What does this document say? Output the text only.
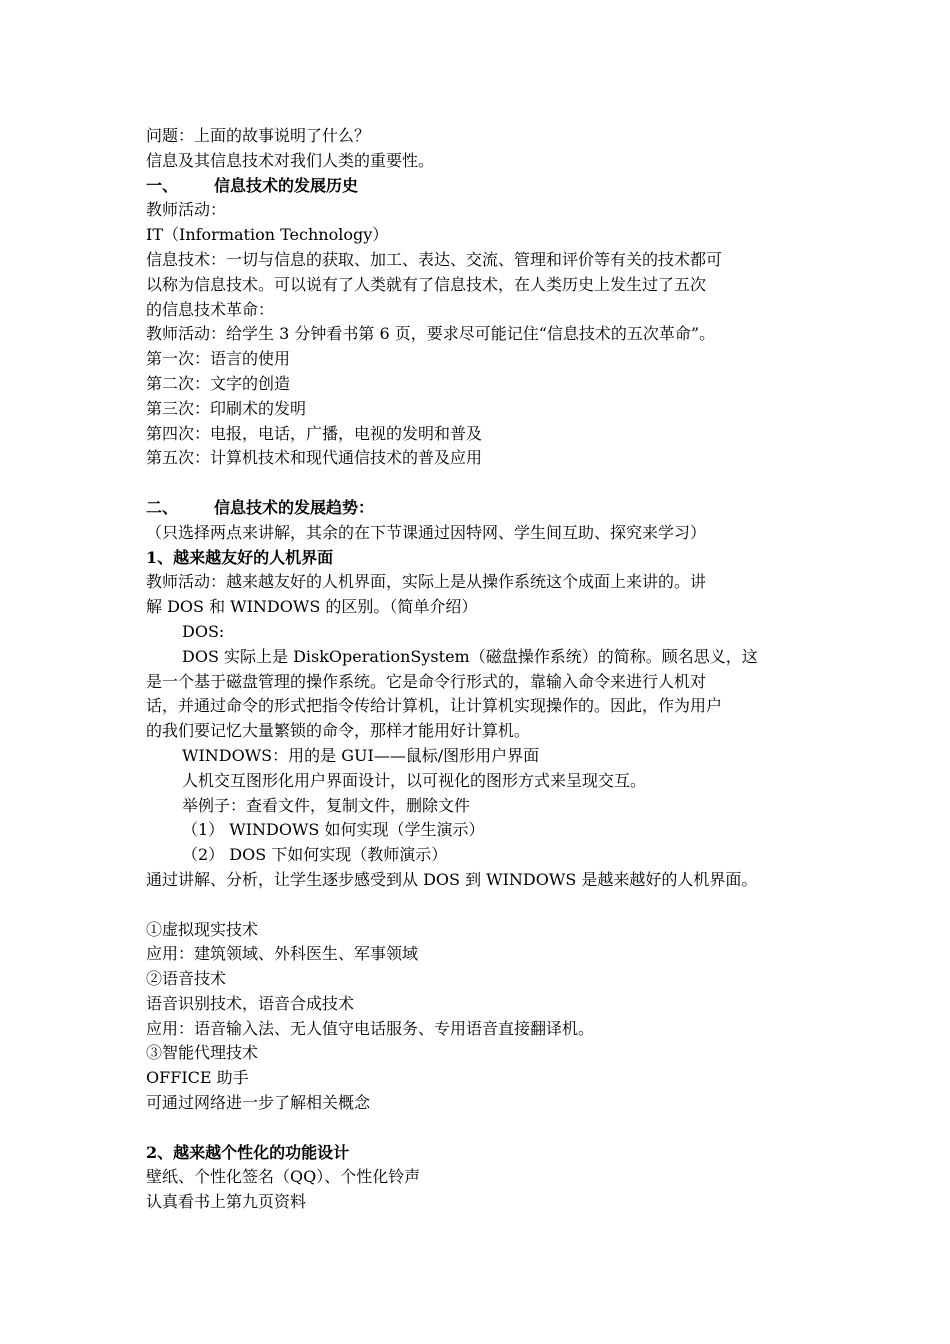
问题：上面的故事说明了什么？
信息及其信息技术对我们人类的重要性。
一、 信息技术的发展历史
教师活动：
IT（Information Technology）
信息技术：一切与信息的获取、加工、表达、交流、管理和评价等有关的技术都可
以称为信息技术。可以说有了人类就有了信息技术，在人类历史上发生过了五次
的信息技术革命：
教师活动：给学生 3 分钟看书第 6 页，要求尽可能记住“信息技术的五次革命”。
第一次：语言的使用
第二次：文字的创造
第三次：印刷术的发明
第四次：电报，电话，广播，电视的发明和普及
第五次：计算机技术和现代通信技术的普及应用
二、 信息技术的发展趋势：
（只选择两点来讲解，其余的在下节课通过因特网、学生间互助、探究来学习）
1、越来越友好的人机界面
教师活动：越来越友好的人机界面，实际上是从操作系统这个成面上来讲的。讲
解 DOS 和 WINDOWS 的区别。（简单介绍）
DOS:
DOS 实际上是 DiskOperationSystem（磁盘操作系统）的简称。顾名思义，这
是一个基于磁盘管理的操作系统。它是命令行形式的，靠输入命令来进行人机对
话，并通过命令的形式把指令传给计算机，让计算机实现操作的。因此，作为用户
的我们要记忆大量繁锁的命令，那样才能用好计算机。
WINDOWS：用的是 GUI——鼠标/图形用户界面
人机交互图形化用户界面设计，以可视化的图形方式来呈现交互。
举例子：查看文件，复制文件，删除文件
（1） WINDOWS 如何实现（学生演示）
（2） DOS 下如何实现（教师演示）
通过讲解、分析，让学生逐步感受到从 DOS 到 WINDOWS 是越来越好的人机界面。
①虚拟现实技术
应用：建筑领域、外科医生、军事领域
②语音技术
语音识别技术，语音合成技术
应用：语音输入法、无人值守电话服务、专用语音直接翻译机。
③智能代理技术
OFFICE 助手
可通过网络进一步了解相关概念
2、越来越个性化的功能设计
壁纸、个性化签名（QQ）、个性化铃声
认真看书上第九页资料
